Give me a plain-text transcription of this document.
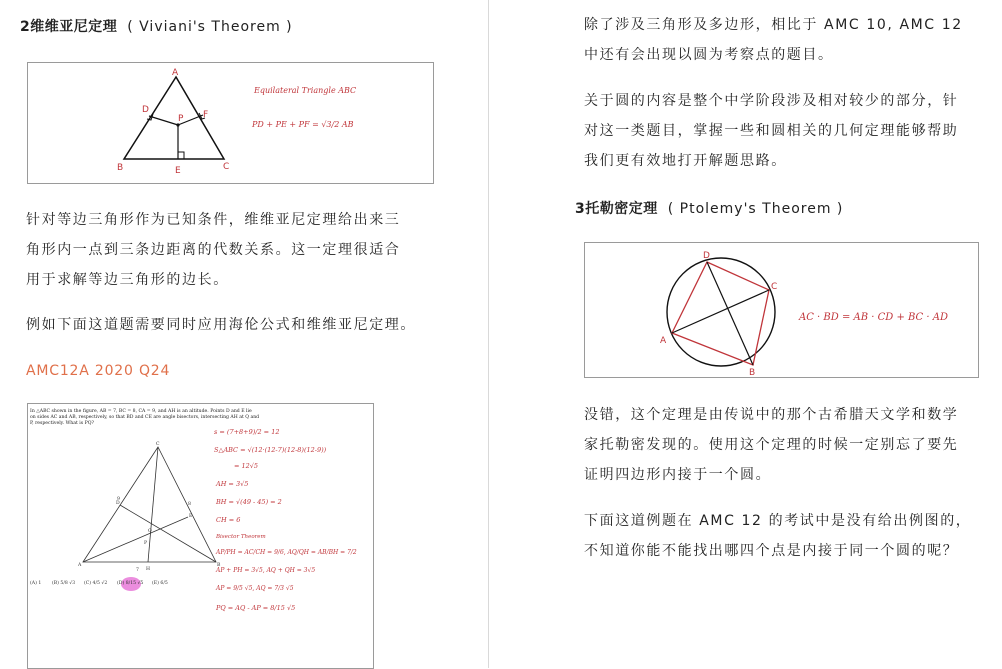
2维维亚尼定理 ( Viviani's Theorem )
A
B	C
D
E
F
P
Equilateral Triangle ABC
PD + PE + PF = √3/2 AB

针对等边三角形作为已知条件，维维亚尼定理给出来三

角形内一点到三条边距离的代数关系。这一定理很适合

用于求解等边三角形的边长。

例如下面这道题需要同时应用海伦公式和维维亚尼定理。

AMC12A 2020 Q24
In △ABC shown in the figure, AB = 7, BC = 8, CA = 9, and AH is an altitude. Points D and E lie
on sides AC and AB, respectively, so that BD and CE are angle bisectors, intersecting AH at Q and
P, respectively. What is PQ?
C
A	B
H
D
E
P
Q
9
8
7
(A) 1 (B) 5/8 √3 (C) 4/5 √2 (D) 8/15 √5 (E) 6/5
s = (7+8+9)/2 = 12
S△ABC = √(12·(12-7)(12-8)(12-9))
= 12√5
AH = 3√5
BH = √(49 - 45) = 2
CH = 6
Bisector Theorem
AP/PH = AC/CH = 9/6, AQ/QH = AB/BH = 7/2
AP + PH = 3√5, AQ + QH = 3√5
AP = 9/5 √5, AQ = 7/3 √5
PQ = AQ - AP = 8/15 √5

除了涉及三角形及多边形，相比于 AMC 10, AMC 12

中还有会出现以圆为考察点的题目。

关于圆的内容是整个中学阶段涉及相对较少的部分，针

对这一类题目，掌握一些和圆相关的几何定理能够帮助

我们更有效地打开解题思路。

3托勒密定理 ( Ptolemy's Theorem )
A
B
C
D
AC · BD = AB · CD + BC · AD

没错，这个定理是由传说中的那个古希腊天文学和数学

家托勒密发现的。使用这个定理的时候一定别忘了要先

证明四边形内接于一个圆。

下面这道例题在 AMC 12 的考试中是没有给出例图的，

不知道你能不能找出哪四个点是内接于同一个圆的呢？
